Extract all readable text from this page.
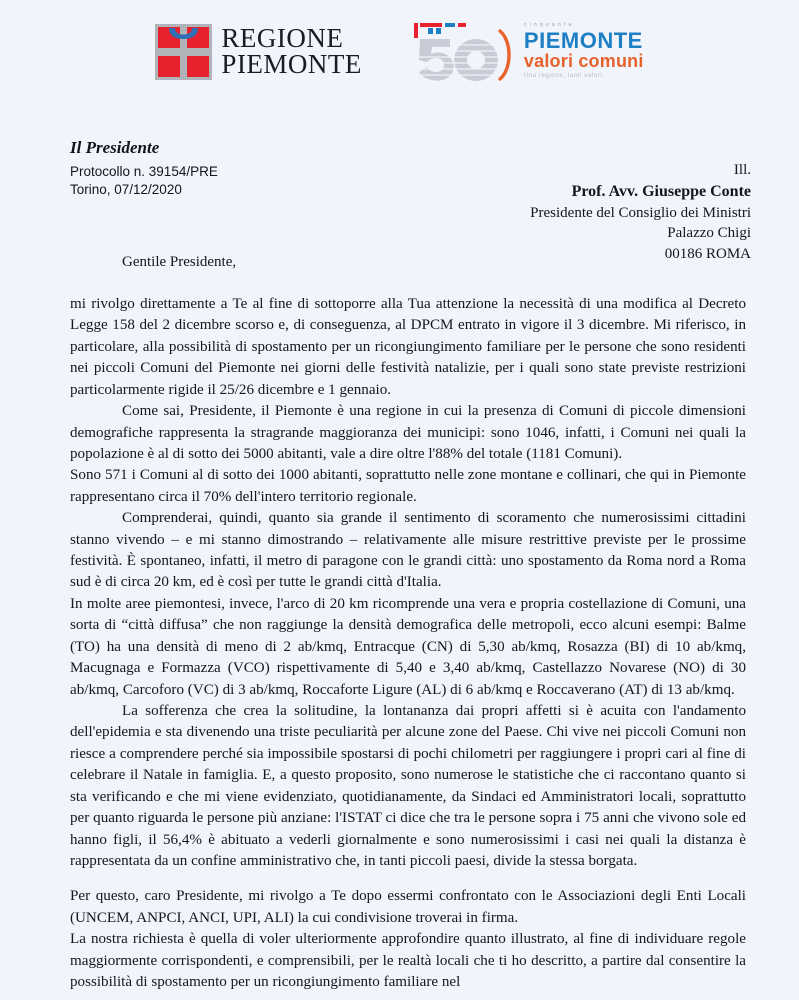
REGIONE
PIEMONTE
cinquanta
PIEMONTE
valori comuni
Una regione, tanti valori
Il Presidente
Protocollo n. 39154/PRE
Torino, 07/12/2020
Ill.
Prof. Avv. Giuseppe Conte
Presidente del Consiglio dei Ministri
Palazzo Chigi
00186 ROMA
Gentile Presidente,

mi rivolgo direttamente a Te al fine di sottoporre alla Tua attenzione la necessità di una modifica al Decreto Legge 158 del 2 dicembre scorso e, di conseguenza, al DPCM entrato in vigore il 3 dicembre. Mi riferisco, in particolare, alla possibilità di spostamento per un ricongiungimento familiare per le persone che sono residenti nei piccoli Comuni del Piemonte nei giorni delle festività natalizie, per i quali sono state previste restrizioni particolarmente rigide il 25/26 dicembre e 1 gennaio.

Come sai, Presidente, il Piemonte è una regione in cui la presenza di Comuni di piccole dimensioni demografiche rappresenta la stragrande maggioranza dei municipi: sono 1046, infatti, i Comuni nei quali la popolazione è al di sotto dei 5000 abitanti, vale a dire oltre l'88% del totale (1181 Comuni).

Sono 571 i Comuni al di sotto dei 1000 abitanti, soprattutto nelle zone montane e collinari, che qui in Piemonte rappresentano circa il 70% dell'intero territorio regionale.

Comprenderai, quindi, quanto sia grande il sentimento di scoramento che numerosissimi cittadini stanno vivendo – e mi stanno dimostrando – relativamente alle misure restrittive previste per le prossime festività. È spontaneo, infatti, il metro di paragone con le grandi città: uno spostamento da Roma nord a Roma sud è di circa 20 km, ed è così per tutte le grandi città d'Italia.

In molte aree piemontesi, invece, l'arco di 20 km ricomprende una vera e propria costellazione di Comuni, una sorta di “città diffusa” che non raggiunge la densità demografica delle metropoli, ecco alcuni esempi: Balme (TO) ha una densità di meno di 2 ab/kmq, Entracque (CN) di 5,30 ab/kmq, Rosazza (BI) di 10 ab/kmq, Macugnaga e Formazza (VCO) rispettivamente di 5,40 e 3,40 ab/kmq, Castellazzo Novarese (NO) di 30 ab/kmq, Carcoforo (VC) di 3 ab/kmq, Roccaforte Ligure (AL) di 6 ab/kmq e Roccaverano (AT) di 13 ab/kmq.

La sofferenza che crea la solitudine, la lontananza dai propri affetti si è acuita con l'andamento dell'epidemia e sta divenendo una triste peculiarità per alcune zone del Paese. Chi vive nei piccoli Comuni non riesce a comprendere perché sia impossibile spostarsi di pochi chilometri per raggiungere i propri cari al fine di celebrare il Natale in famiglia. E, a questo proposito, sono numerose le statistiche che ci raccontano quanto si sta verificando e che mi viene evidenziato, quotidianamente, da Sindaci ed Amministratori locali, soprattutto per quanto riguarda le persone più anziane: l'ISTAT ci dice che tra le persone sopra i 75 anni che vivono sole ed hanno figli, il 56,4% è abituato a vederli giornalmente e sono numerosissimi i casi nei quali la distanza è rappresentata da un confine amministrativo che, in tanti piccoli paesi, divide la stessa borgata.

Per questo, caro Presidente, mi rivolgo a Te dopo essermi confrontato con le Associazioni degli Enti Locali (UNCEM, ANPCI, ANCI, UPI, ALI) la cui condivisione troverai in firma.

La nostra richiesta è quella di voler ulteriormente approfondire quanto illustrato, al fine di individuare regole maggiormente corrispondenti, e comprensibili, per le realtà locali che ti ho descritto, a partire dal consentire la possibilità di spostamento per un ricongiungimento familiare nel
